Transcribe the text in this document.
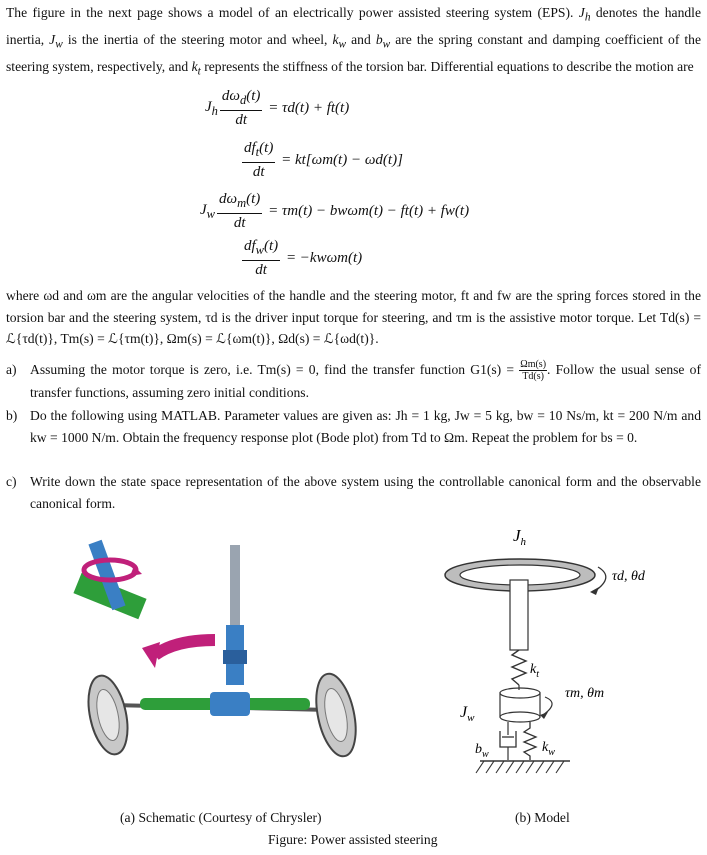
The figure in the next page shows a model of an electrically power assisted steering system (EPS). $J_h$ denotes the handle inertia, $J_w$ is the inertia of the steering motor and wheel, $k_w$ and $b_w$ are the spring constant and damping coefficient of the steering system, respectively, and $k_t$ represents the stiffness of the torsion bar. Differential equations to describe the motion are
$J_h \frac{d\omega_d(t)}{dt} = \tau d(t) + ft(t)$
$\frac{df_t(t)}{dt} = kt[\omega m(t) - \omega d(t)]$
$J_w \frac{d\omega_m(t)}{dt} = \tau m(t) - bw\omega m(t) - ft(t) + fw(t)$
$\frac{df_w(t)}{dt} = -kw\omega m(t)$
where ωd and ωm are the angular velocities of the handle and the steering motor, ft and fw are the spring forces stored in the torsion bar and the steering system, τd is the driver input torque for steering, and τm is the assistive motor torque. Let Td(s) = ℒ{τd(t)}, Tm(s) = ℒ{τm(t)}, Ωm(s) = ℒ{ωm(t)}, Ωd(s) = ℒ{ωd(t)}.
a) Assuming the motor torque is zero, i.e. Tm(s) = 0, find the transfer function $G1(s) = \frac{\Omega m(s)}{Td(s)}$ . Follow the usual sense of transfer functions, assuming zero initial conditions.
b) Do the following using MATLAB. Parameter values are given as: Jh = 1 kg, Jw = 5 kg, bw = 10 Ns/m, kt = 200 N/m and kw = 1000 N/m. Obtain the frequency response plot (Bode plot) from Td to Ωm. Repeat the problem for bs = 0.
c) Write down the state space representation of the above system using the controllable canonical form and the observable canonical form.
$J_h$
τd, θd
$k_t$
τm, θm
$J_w$
$b_w$	$k_w$
(a) Schematic (Courtesy of Chrysler)	(b) Model
Figure: Power assisted steering
